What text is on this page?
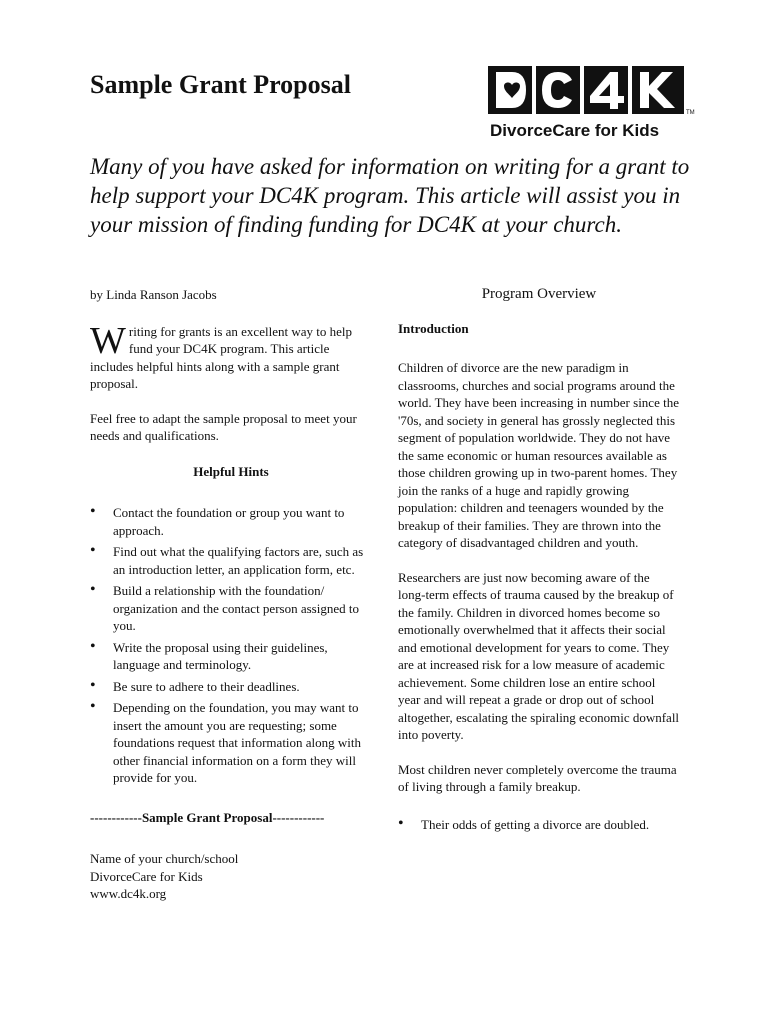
Sample Grant Proposal
TM
DivorceCare for Kids

Many of you have asked for information on writing for a grant to help support your DC4K program. This article will assist you in your mission of finding funding for DC4K at your church.

by Linda Ranson Jacobs

Writing for grants is an excellent way to help fund your DC4K program. This article includes helpful hints along with a sample grant proposal.

Feel free to adapt the sample proposal to meet your needs and qualifications.

Helpful Hints

• Contact the foundation or group you want to approach.
• Find out what the qualifying factors are, such as an introduction letter, an application form, etc.
• Build a relationship with the foundation/ organization and the contact person assigned to you.
• Write the proposal using their guidelines, language and terminology.
• Be sure to adhere to their deadlines.
• Depending on the foundation, you may want to insert the amount you are requesting; some foundations request that information along with other financial information on a form they will provide for you.

------------Sample Grant Proposal------------

Name of your church/school

DivorceCare for Kids

www.dc4k.org

Program Overview

Introduction

Children of divorce are the new paradigm in classrooms, churches and social programs around the world. They have been increasing in number since the '70s, and society in general has grossly neglected this segment of population worldwide. They do not have the same economic or human resources available as those children growing up in two-parent homes. They join the ranks of a huge and rapidly growing population: children and teenagers wounded by the breakup of their families. They are thrown into the category of disadvantaged children and youth.

Researchers are just now becoming aware of the long-term effects of trauma caused by the breakup of the family. Children in divorced homes become so emotionally overwhelmed that it affects their social and emotional development for years to come. They are at increased risk for a low measure of academic achievement. Some children lose an entire school year and will repeat a grade or drop out of school altogether, escalating the spiraling economic downfall into poverty.

Most children never completely overcome the trauma of living through a family breakup.

• Their odds of getting a divorce are doubled.
